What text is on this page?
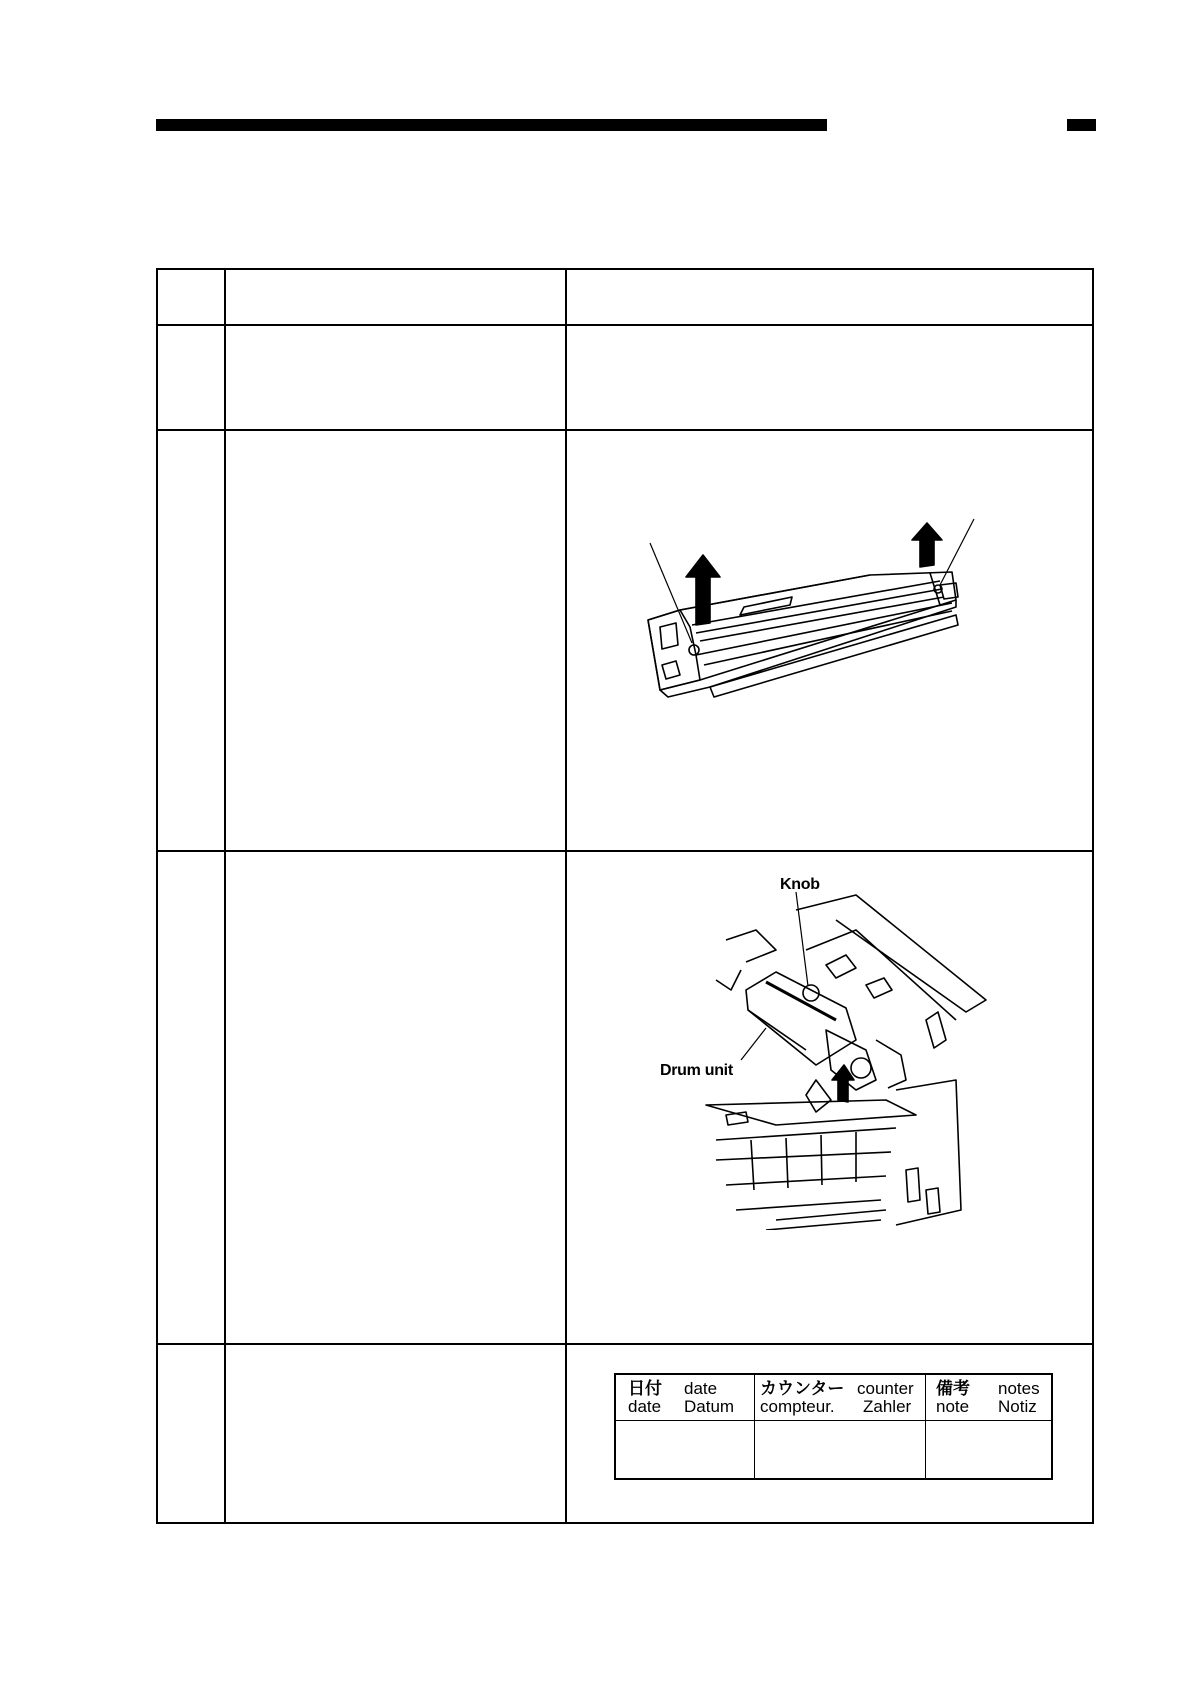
Knob
Drum unit
日付 date
date Datum
カウンター counter
compteur. Zahler
備考 notes
note Notiz
